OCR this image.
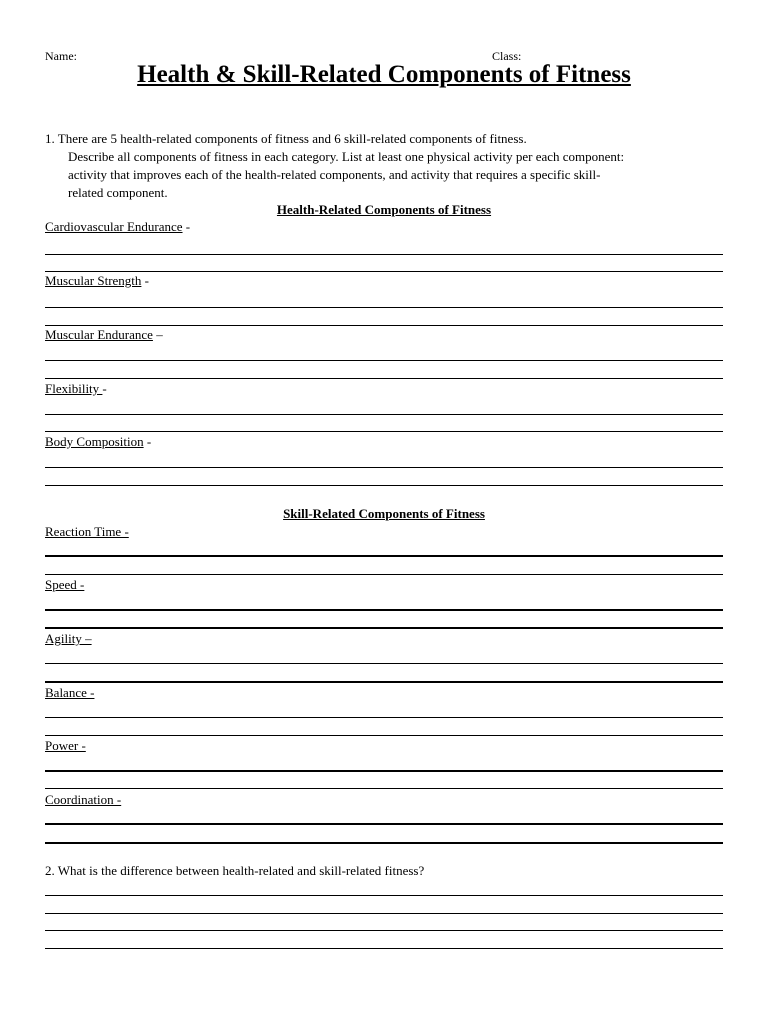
Name:	Class:
Health & Skill-Related Components of Fitness
1. There are 5 health-related components of fitness and 6 skill-related components of fitness.
Describe all components of fitness in each category. List at least one physical activity per each component:
activity that improves each of the health-related components, and activity that requires a specific skill-
related component.
Health-Related Components of Fitness
Cardiovascular Endurance -
Muscular Strength -
Muscular Endurance –
Flexibility -
Body Composition -
Skill-Related Components of Fitness
Reaction Time -
Speed -
Agility –
Balance -
Power -
Coordination -
2. What is the difference between health-related and skill-related fitness?
